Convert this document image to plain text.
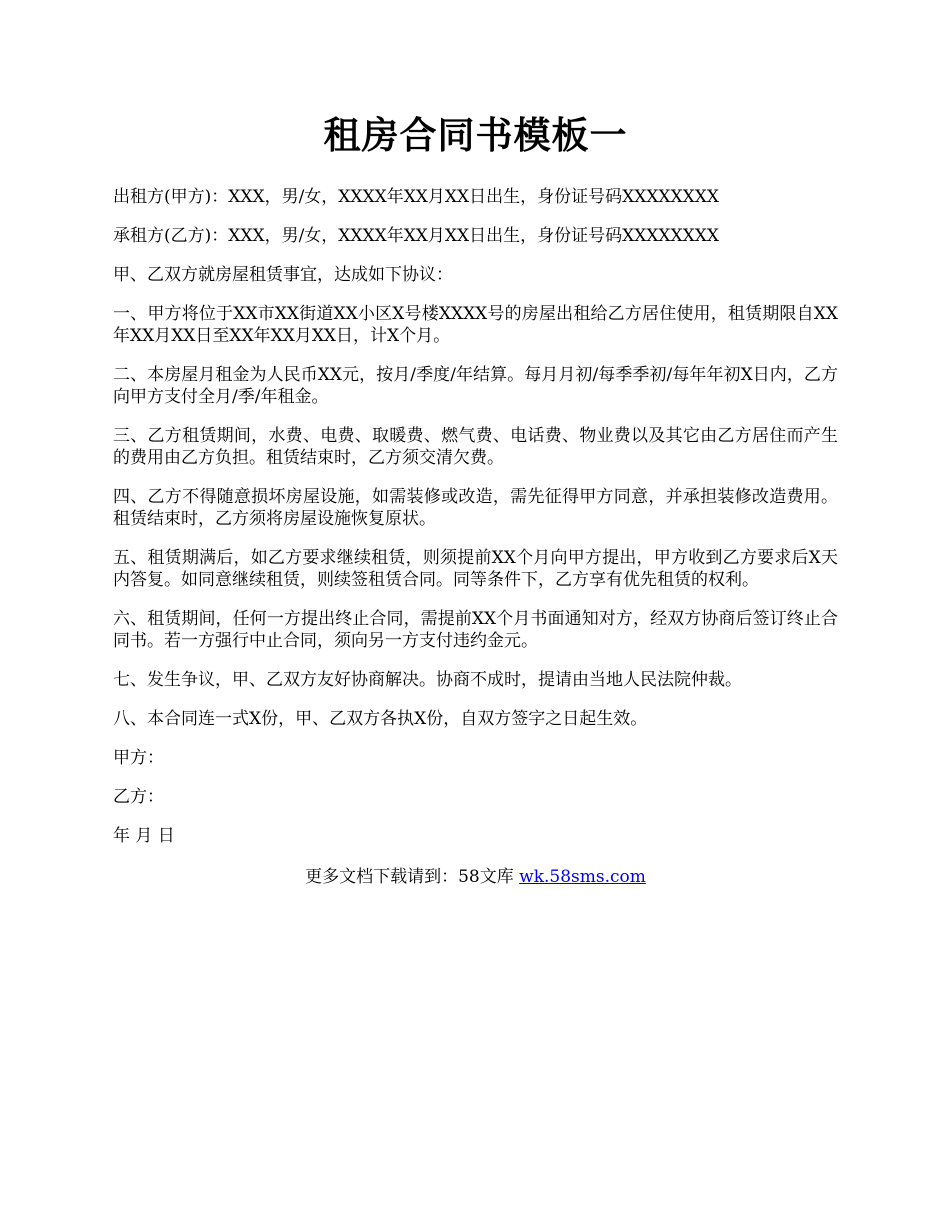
租房合同书模板一

出租方(甲方)：XXX，男/女，XXXX年XX月XX日出生，身份证号码XXXXXXXX

承租方(乙方)：XXX，男/女，XXXX年XX月XX日出生，身份证号码XXXXXXXX

甲、乙双方就房屋租赁事宜，达成如下协议：

一、甲方将位于XX市XX街道XX小区X号楼XXXX号的房屋出租给乙方居住使用，租赁期限自XX年XX月XX日至XX年XX月XX日，计X个月。

二、本房屋月租金为人民币XX元，按月/季度/年结算。每月月初/每季季初/每年年初X日内，乙方向甲方支付全月/季/年租金。

三、乙方租赁期间，水费、电费、取暖费、燃气费、电话费、物业费以及其它由乙方居住而产生的费用由乙方负担。租赁结束时，乙方须交清欠费。

四、乙方不得随意损坏房屋设施，如需装修或改造，需先征得甲方同意，并承担装修改造费用。租赁结束时，乙方须将房屋设施恢复原状。

五、租赁期满后，如乙方要求继续租赁，则须提前XX个月向甲方提出，甲方收到乙方要求后X天内答复。如同意继续租赁，则续签租赁合同。同等条件下，乙方享有优先租赁的权利。

六、租赁期间，任何一方提出终止合同，需提前XX个月书面通知对方，经双方协商后签订终止合同书。若一方强行中止合同，须向另一方支付违约金元。

七、发生争议，甲、乙双方友好协商解决。协商不成时，提请由当地人民法院仲裁。

八、本合同连一式X份，甲、乙双方各执X份，自双方签字之日起生效。

甲方：

乙方：

年 月 日

更多文档下载请到：58文库 wk.58sms.com
